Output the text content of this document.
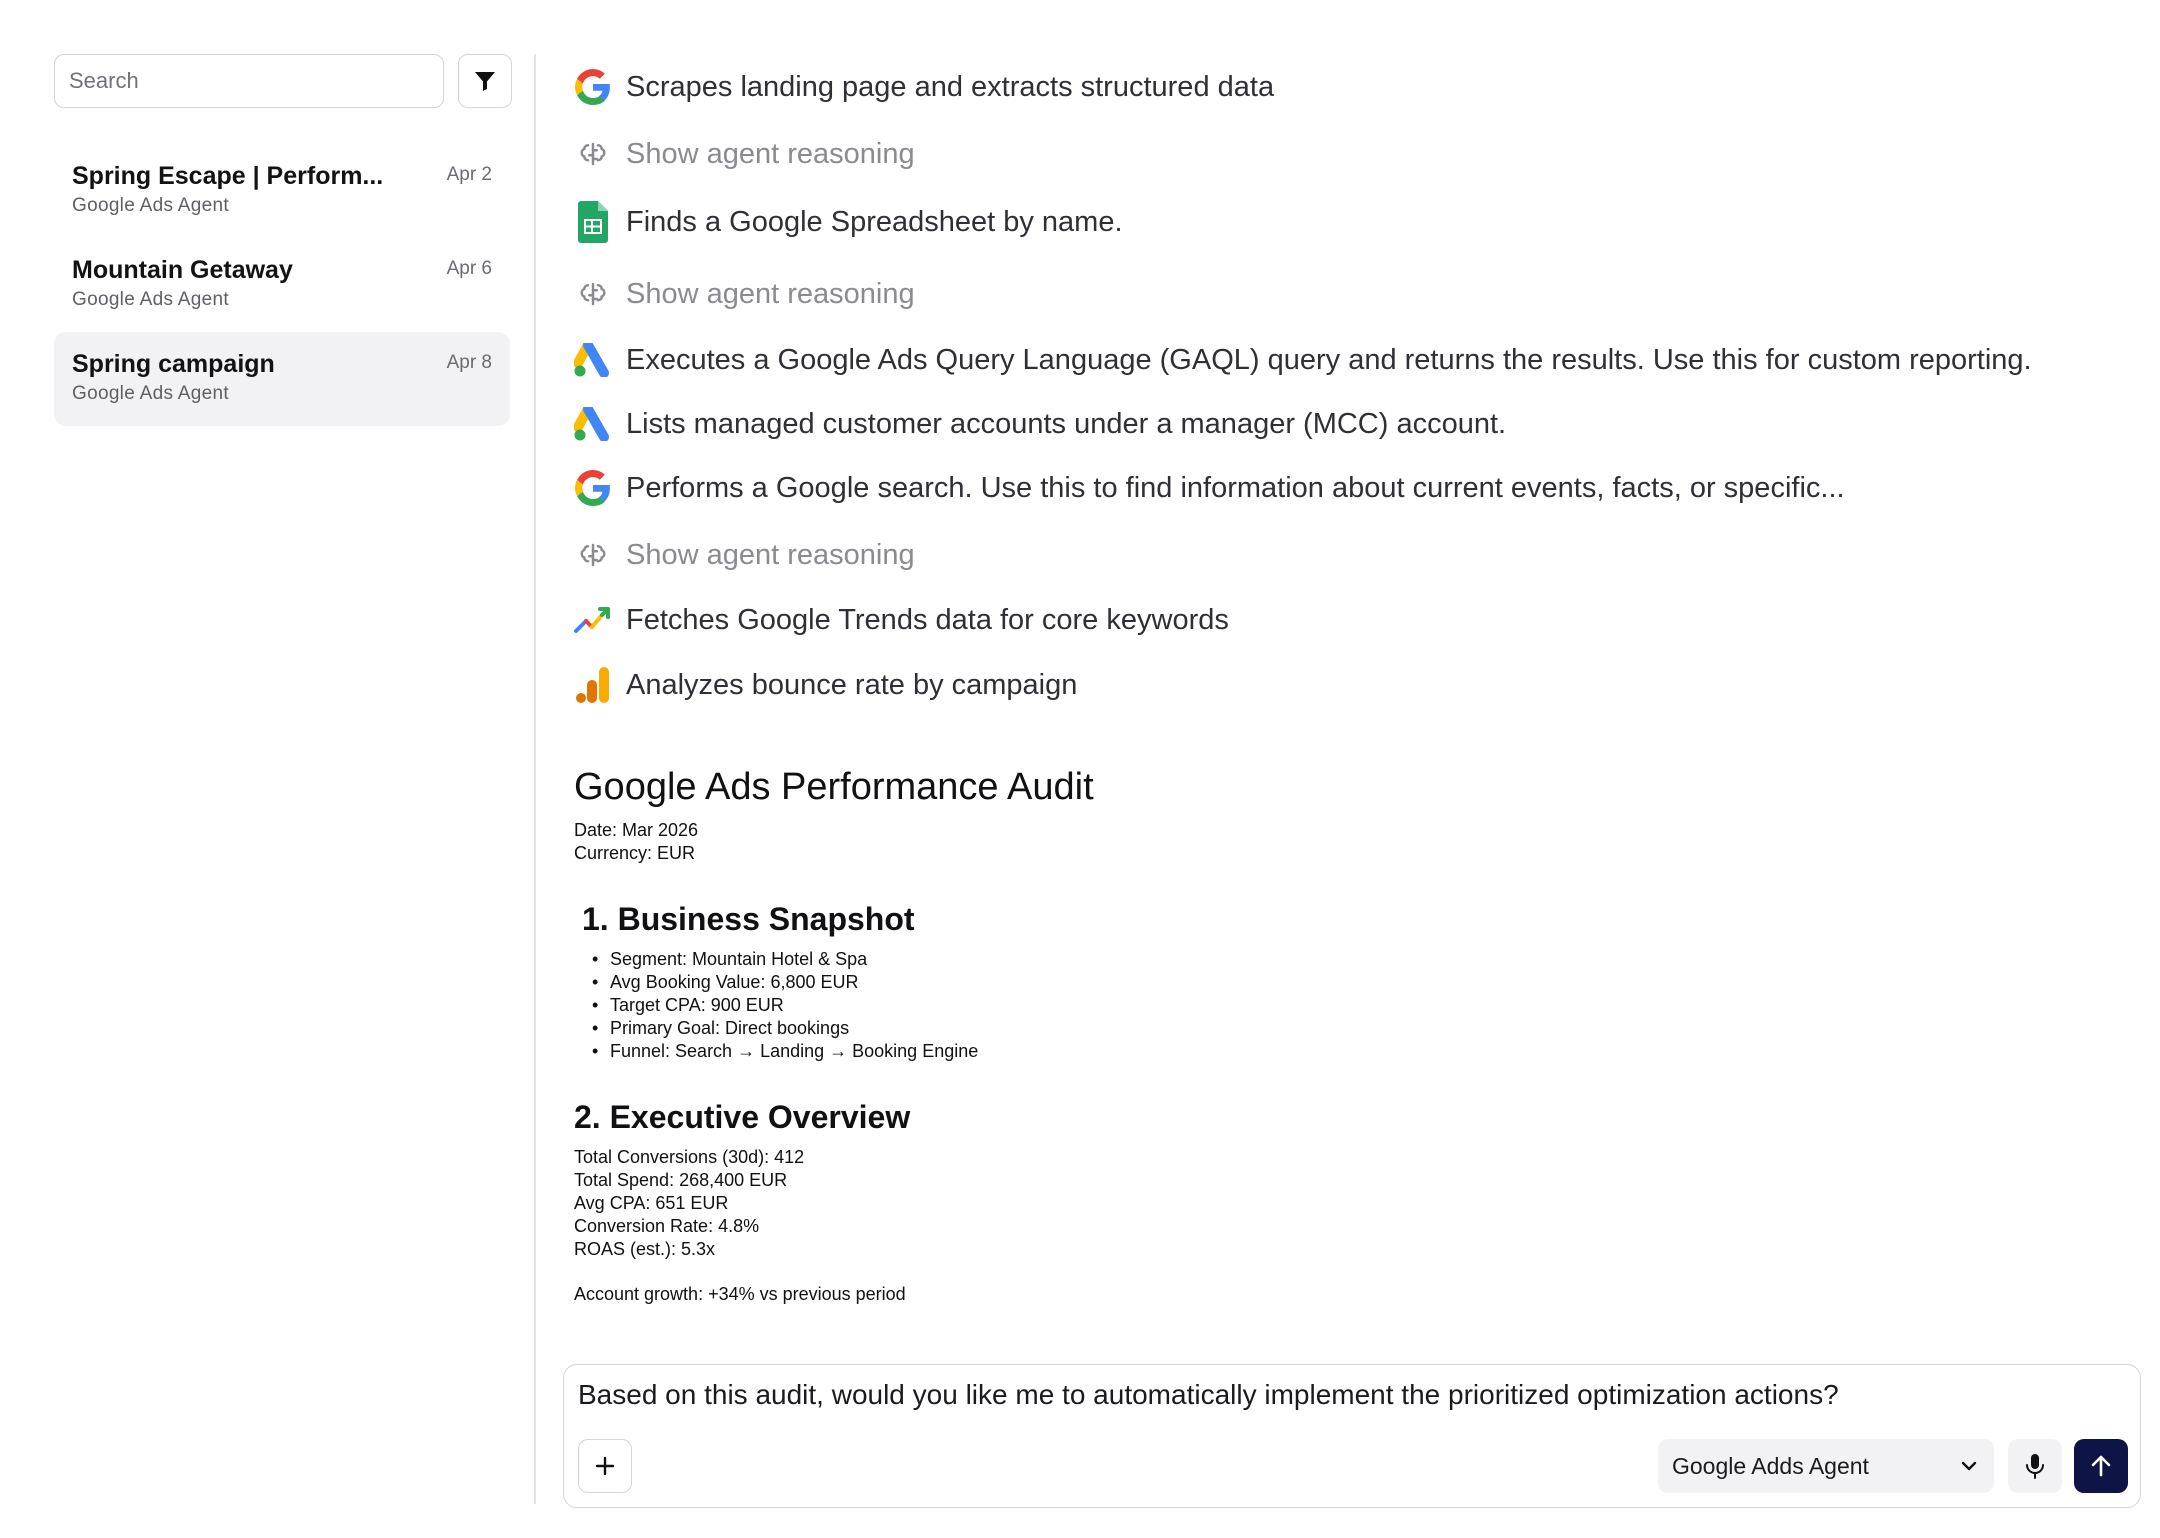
Search
Spring Escape | Perform...
Google Ads Agent
Apr 2
Mountain Getaway
Google Ads Agent
Apr 6
Spring campaign
Google Ads Agent
Apr 8
Scrapes landing page and extracts structured data
Show agent reasoning
Finds a Google Spreadsheet by name.
Show agent reasoning
Executes a Google Ads Query Language (GAQL) query and returns the results. Use this for custom reporting.
Lists managed customer accounts under a manager (MCC) account.
Performs a Google search. Use this to find information about current events, facts, or specific...
Show agent reasoning
Fetches Google Trends data for core keywords
Analyzes bounce rate by campaign
Google Ads Performance Audit
Date: Mar 2026
Currency: EUR
1. Business Snapshot
• Segment: Mountain Hotel & Spa
• Avg Booking Value: 6,800 EUR
• Target CPA: 900 EUR
• Primary Goal: Direct bookings
• Funnel: Search → Landing → Booking Engine
2. Executive Overview
Total Conversions (30d): 412
Total Spend: 268,400 EUR
Avg CPA: 651 EUR
Conversion Rate: 4.8%
ROAS (est.): 5.3x
Account growth: +34% vs previous period
Based on this audit, would you like me to automatically implement the prioritized optimization actions?
Google Adds Agent
